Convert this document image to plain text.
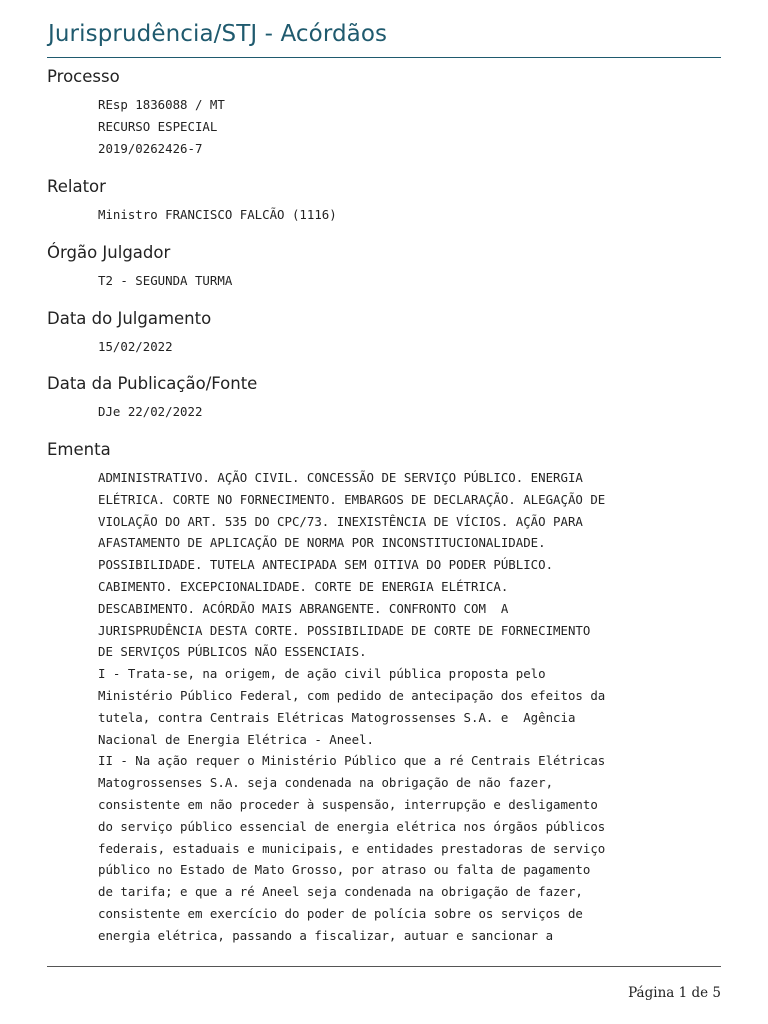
Jurisprudência/STJ - Acórdãos
Processo
REsp 1836088 / MT
RECURSO ESPECIAL
2019/0262426-7
Relator
Ministro FRANCISCO FALCÃO (1116)
Órgão Julgador
T2 - SEGUNDA TURMA
Data do Julgamento
15/02/2022
Data da Publicação/Fonte
DJe 22/02/2022
Ementa
ADMINISTRATIVO. AÇÃO CIVIL. CONCESSÃO DE SERVIÇO PÚBLICO. ENERGIA
ELÉTRICA. CORTE NO FORNECIMENTO. EMBARGOS DE DECLARAÇÃO. ALEGAÇÃO DE
VIOLAÇÃO DO ART. 535 DO CPC/73. INEXISTÊNCIA DE VÍCIOS. AÇÃO PARA
AFASTAMENTO DE APLICAÇÃO DE NORMA POR INCONSTITUCIONALIDADE.
POSSIBILIDADE. TUTELA ANTECIPADA SEM OITIVA DO PODER PÚBLICO.
CABIMENTO. EXCEPCIONALIDADE. CORTE DE ENERGIA ELÉTRICA.
DESCABIMENTO. ACÓRDÃO MAIS ABRANGENTE. CONFRONTO COM  A
JURISPRUDÊNCIA DESTA CORTE. POSSIBILIDADE DE CORTE DE FORNECIMENTO
DE SERVIÇOS PÚBLICOS NÃO ESSENCIAIS.
I - Trata-se, na origem, de ação civil pública proposta pelo
Ministério Público Federal, com pedido de antecipação dos efeitos da
tutela, contra Centrais Elétricas Matogrossenses S.A. e  Agência
Nacional de Energia Elétrica - Aneel.
II - Na ação requer o Ministério Público que a ré Centrais Elétricas
Matogrossenses S.A. seja condenada na obrigação de não fazer,
consistente em não proceder à suspensão, interrupção e desligamento
do serviço público essencial de energia elétrica nos órgãos públicos
federais, estaduais e municipais, e entidades prestadoras de serviço
público no Estado de Mato Grosso, por atraso ou falta de pagamento
de tarifa; e que a ré Aneel seja condenada na obrigação de fazer,
consistente em exercício do poder de polícia sobre os serviços de
energia elétrica, passando a fiscalizar, autuar e sancionar a
Página 1 de 5
